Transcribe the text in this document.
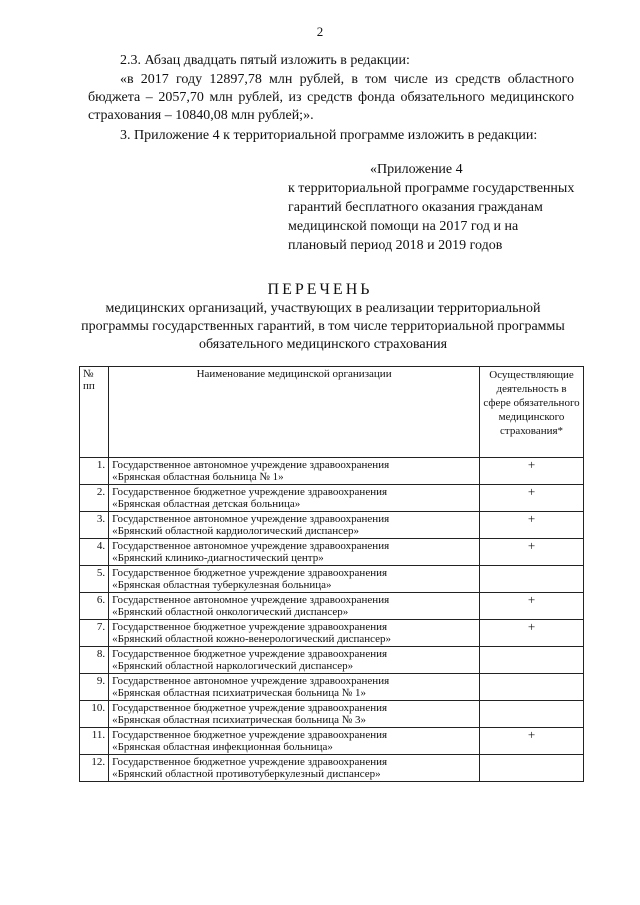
2

2.3. Абзац двадцать пятый изложить в редакции:

«в 2017 году 12897,78 млн рублей, в том числе из средств областного бюджета – 2057,70 млн рублей, из средств фонда обязательного медицинского страхования – 10840,08 млн рублей;».

3. Приложение 4 к территориальной программе изложить в редакции:

«Приложение 4
к территориальной программе государственных гарантий бесплатного оказания гражданам медицинской помощи на 2017 год и на плановый период 2018 и 2019 годов
ПЕРЕЧЕНЬ
медицинских организаций, участвующих в реализации территориальной программы государственных гарантий, в том числе территориальной программы обязательного медицинского страхования
№ пп	Наименование медицинской организации	Осуществляющие деятельность в сфере обязательного медицинского страхования*
1.	Государственное автономное учреждение здравоохранения
«Брянская областная больница № 1»	+
2.	Государственное бюджетное учреждение здравоохранения
«Брянская областная детская больница»	+
3.	Государственное автономное учреждение здравоохранения
«Брянский областной кардиологический диспансер»	+
4.	Государственное автономное учреждение здравоохранения
«Брянский клинико-диагностический центр»	+
5.	Государственное бюджетное учреждение здравоохранения
«Брянская областная туберкулезная больница»	

6.	Государственное автономное учреждение здравоохранения
«Брянский областной онкологический диспансер»	+
7.	Государственное бюджетное учреждение здравоохранения
«Брянский областной кожно-венерологический диспансер»	+
8.	Государственное бюджетное учреждение здравоохранения
«Брянский областной наркологический диспансер»	

9.	Государственное автономное учреждение здравоохранения
«Брянская областная психиатрическая больница № 1»	

10.	Государственное бюджетное учреждение здравоохранения
«Брянская областная психиатрическая больница № 3»	

11.	Государственное бюджетное учреждение здравоохранения
«Брянская областная инфекционная больница»	+
12.	Государственное бюджетное учреждение здравоохранения
«Брянский областной противотуберкулезный диспансер»	
